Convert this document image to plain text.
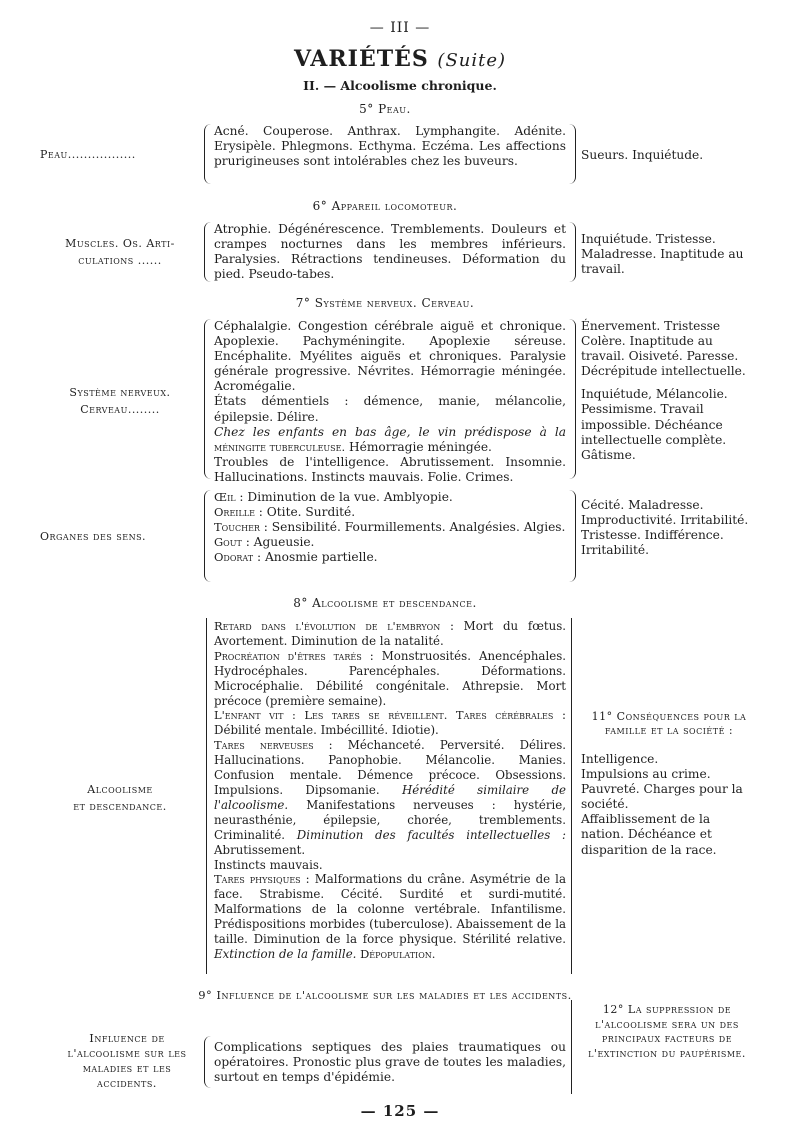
— III —
VARIÉTÉS (Suite)
II. — Alcoolisme chronique.
5° Peau.
Peau.................

Acné. Couperose. Anthrax. Lymphangite. Adénite. Erysipèle. Phlegmons. Ecthyma. Eczéma. Les affections prurigineuses sont intolérables chez les buveurs.	Sueurs. Inquiétude.

6° Appareil locomoteur.
Muscles. Os. Arti-
culations ......

Atrophie. Dégénérescence. Tremblements. Douleurs et crampes nocturnes dans les membres inférieurs. Paralysies. Rétractions tendineuses. Déformation du pied. Pseudo-tabes.

Inquiétude. Tristesse. Maladresse. Inaptitude au travail.

7° Système nerveux. Cerveau.
Système nerveux.
Cerveau........

Céphalalgie. Congestion cérébrale aiguë et chronique. Apoplexie. Pachyméningite. Apoplexie séreuse. Encéphalite. Myélites aiguës et chroniques. Paralysie générale progressive. Névrites. Hémorragie méningée. Acromégalie.

États démentiels : démence, manie, mélancolie, épilepsie. Délire.

Chez les enfants en bas âge, le vin prédispose à la méningite tuberculeuse. Hémorragie méningée.

Troubles de l'intelligence. Abrutissement. Insomnie. Hallucinations. Instincts mauvais. Folie. Crimes.

Énervement. Tristesse Colère. Inaptitude au travail. Oisiveté. Paresse. Décrépitude intellectuelle.

Inquiétude, Mélancolie. Pessimisme. Travail impossible. Déchéance intellectuelle complète. Gâtisme.

Organes des sens.

Œil : Diminution de la vue. Amblyopie.

Oreille : Otite. Surdité.

Toucher : Sensibilité. Fourmillements. Analgésies. Algies.

Gout : Agueusie.

Odorat : Anosmie partielle.

Cécité. Maladresse. Improductivité. Irritabilité. Tristesse. Indifférence. Irritabilité.

8° Alcoolisme et descendance.
Alcoolisme
et descendance.

Retard dans l'évolution de l'embryon : Mort du fœtus. Avortement. Diminution de la natalité.

Procréation d'êtres tarés : Monstruosités. Anencéphales. Hydrocéphales. Parencéphales. Déformations. Microcéphalie. Débilité congénitale. Athrepsie. Mort précoce (première semaine).

L'enfant vit : Les tares se réveillent. Tares cérébrales : Débilité mentale. Imbécillité. Idiotie).

Tares nerveuses : Méchanceté. Perversité. Délires. Hallucinations. Panophobie. Mélancolie. Manies. Confusion mentale. Démence précoce. Obsessions. Impulsions. Dipsomanie. Hérédité similaire de l'alcoolisme. Manifestations nerveuses : hystérie, neurasthénie, épilepsie, chorée, tremblements. Criminalité. Diminution des facultés intellectuelles : Abrutissement.

Instincts mauvais.

Tares physiques : Malformations du crâne. Asymétrie de la face. Strabisme. Cécité. Surdité et surdi-mutité. Malformations de la colonne vertébrale. Infantilisme. Prédispositions morbides (tuberculose). Abaissement de la taille. Diminution de la force physique. Stérilité relative. Extinction de la famille. Dépopulation.

11° Conséquences pour la famille et la société :

Intelligence.

Impulsions au crime.

Pauvreté. Charges pour la société.

Affaiblissement de la nation. Déchéance et disparition de la race.

9° Influence de l'alcoolisme sur les maladies et les accidents.
Influence de l'alcoolisme sur les maladies et les accidents.

Complications septiques des plaies traumatiques ou opératoires. Pronostic plus grave de toutes les maladies, surtout en temps d'épidémie.

12° La suppression de l'alcoolisme sera un des principaux facteurs de l'extinction du paupérisme.

— 125 —
